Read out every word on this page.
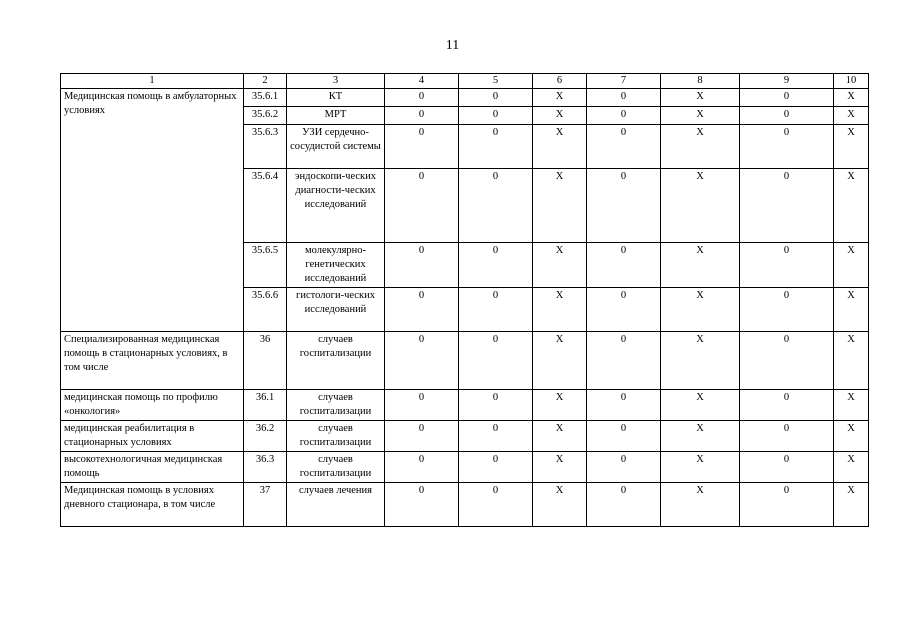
11
1	2	3	4	5	6	7	8	9	10
Медицинская помощь в амбулаторных условиях	35.6.1	КТ	0	0	X	0	X	0	X
	35.6.2	МРТ	0	0	X	0	X	0	X
	35.6.3	УЗИ сердечно-сосудистой системы	0	0	X	0	X	0	X
	35.6.4	эндоскопи-ческих диагности-ческих исследований	0	0	X	0	X	0	X
	35.6.5	молекулярно-генетических исследований	0	0	X	0	X	0	X
	35.6.6	гистологи-ческих исследований	0	0	X	0	X	0	X
Специализированная медицинская помощь в стационарных условиях, в том числе	36	случаев госпитализации	0	0	X	0	X	0	X
медицинская помощь по профилю «онкология»	36.1	случаев госпитализации	0	0	X	0	X	0	X
медицинская реабилитация в стационарных условиях	36.2	случаев госпитализации	0	0	X	0	X	0	X
высокотехнологичная медицинская помощь	36.3	случаев госпитализации	0	0	X	0	X	0	X
Медицинская помощь в условиях дневного стационара, в том числе	37	случаев лечения	0	0	X	0	X	0	X
